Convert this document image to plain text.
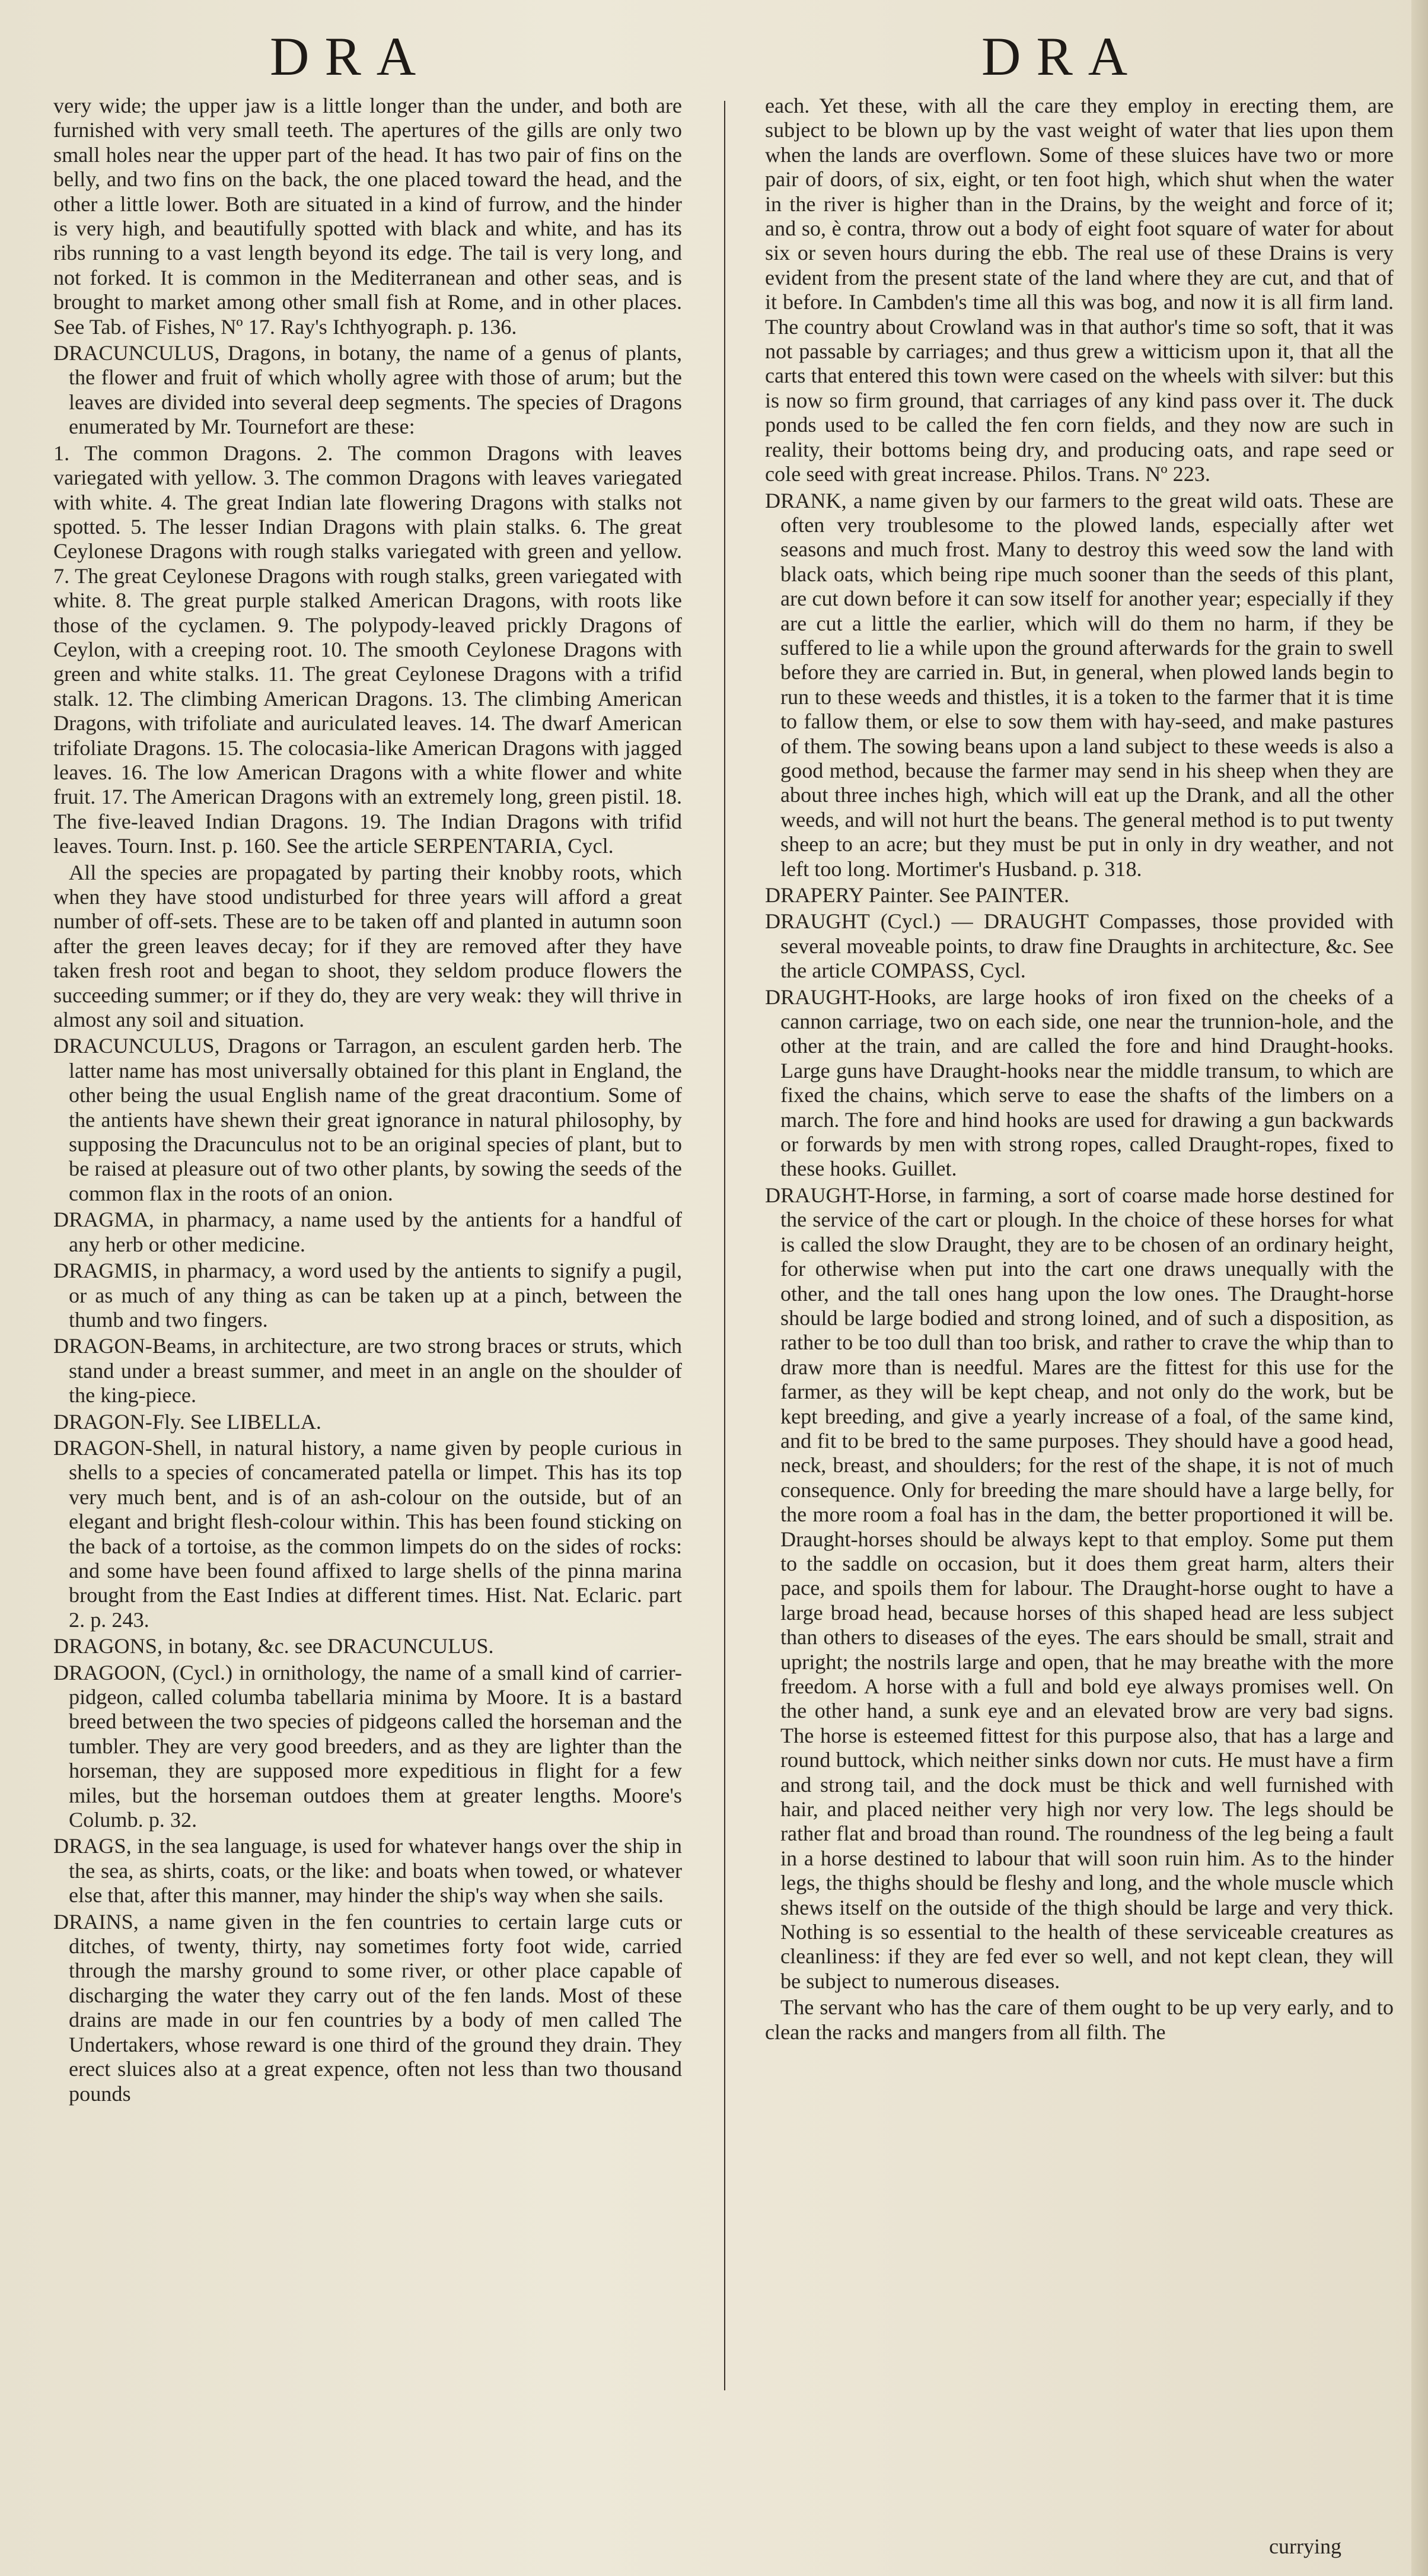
DRA	DRA

very wide; the upper jaw is a little longer than the under, and both are furnished with very small teeth. The apertures of the gills are only two small holes near the upper part of the head. It has two pair of fins on the belly, and two fins on the back, the one placed toward the head, and the other a little lower. Both are situated in a kind of furrow, and the hinder is very high, and beautifully spotted with black and white, and has its ribs running to a vast length beyond its edge. The tail is very long, and not forked. It is common in the Mediterranean and other seas, and is brought to market among other small fish at Rome, and in other places. See Tab. of Fishes, Nº 17. Ray's Ichthyograph. p. 136.

DRACUNCULUS, Dragons, in botany, the name of a genus of plants, the flower and fruit of which wholly agree with those of arum; but the leaves are divided into several deep segments. The species of Dragons enumerated by Mr. Tournefort are these:

1. The common Dragons. 2. The common Dragons with leaves variegated with yellow. 3. The common Dragons with leaves variegated with white. 4. The great Indian late flowering Dragons with stalks not spotted. 5. The lesser Indian Dragons with plain stalks. 6. The great Ceylonese Dragons with rough stalks variegated with green and yellow. 7. The great Ceylonese Dragons with rough stalks, green variegated with white. 8. The great purple stalked American Dragons, with roots like those of the cyclamen. 9. The polypody-leaved prickly Dragons of Ceylon, with a creeping root. 10. The smooth Ceylonese Dragons with green and white stalks. 11. The great Ceylonese Dragons with a trifid stalk. 12. The climbing American Dragons. 13. The climbing American Dragons, with trifoliate and auriculated leaves. 14. The dwarf American trifoliate Dragons. 15. The colocasia-like American Dragons with jagged leaves. 16. The low American Dragons with a white flower and white fruit. 17. The American Dragons with an extremely long, green pistil. 18. The five-leaved Indian Dragons. 19. The Indian Dragons with trifid leaves. Tourn. Inst. p. 160. See the article SERPENTARIA, Cycl.

All the species are propagated by parting their knobby roots, which when they have stood undisturbed for three years will afford a great number of off-sets. These are to be taken off and planted in autumn soon after the green leaves decay; for if they are removed after they have taken fresh root and began to shoot, they seldom produce flowers the succeeding summer; or if they do, they are very weak: they will thrive in almost any soil and situation.

DRACUNCULUS, Dragons or Tarragon, an esculent garden herb. The latter name has most universally obtained for this plant in England, the other being the usual English name of the great dracontium. Some of the antients have shewn their great ignorance in natural philosophy, by supposing the Dracunculus not to be an original species of plant, but to be raised at pleasure out of two other plants, by sowing the seeds of the common flax in the roots of an onion.

DRAGMA, in pharmacy, a name used by the antients for a handful of any herb or other medicine.

DRAGMIS, in pharmacy, a word used by the antients to signify a pugil, or as much of any thing as can be taken up at a pinch, between the thumb and two fingers.

DRAGON-Beams, in architecture, are two strong braces or struts, which stand under a breast summer, and meet in an angle on the shoulder of the king-piece.

DRAGON-Fly. See LIBELLA.

DRAGON-Shell, in natural history, a name given by people curious in shells to a species of concamerated patella or limpet. This has its top very much bent, and is of an ash-colour on the outside, but of an elegant and bright flesh-colour within. This has been found sticking on the back of a tortoise, as the common limpets do on the sides of rocks: and some have been found affixed to large shells of the pinna marina brought from the East Indies at different times. Hist. Nat. Eclaric. part 2. p. 243.

DRAGONS, in botany, &c. see DRACUNCULUS.

DRAGOON, (Cycl.) in ornithology, the name of a small kind of carrier-pidgeon, called columba tabellaria minima by Moore. It is a bastard breed between the two species of pidgeons called the horseman and the tumbler. They are very good breeders, and as they are lighter than the horseman, they are supposed more expeditious in flight for a few miles, but the horseman outdoes them at greater lengths. Moore's Columb. p. 32.

DRAGS, in the sea language, is used for whatever hangs over the ship in the sea, as shirts, coats, or the like: and boats when towed, or whatever else that, after this manner, may hinder the ship's way when she sails.

DRAINS, a name given in the fen countries to certain large cuts or ditches, of twenty, thirty, nay sometimes forty foot wide, carried through the marshy ground to some river, or other place capable of discharging the water they carry out of the fen lands. Most of these drains are made in our fen countries by a body of men called The Undertakers, whose reward is one third of the ground they drain. They erect sluices also at a great expence, often not less than two thousand pounds

each. Yet these, with all the care they employ in erecting them, are subject to be blown up by the vast weight of water that lies upon them when the lands are overflown. Some of these sluices have two or more pair of doors, of six, eight, or ten foot high, which shut when the water in the river is higher than in the Drains, by the weight and force of it; and so, è contra, throw out a body of eight foot square of water for about six or seven hours during the ebb. The real use of these Drains is very evident from the present state of the land where they are cut, and that of it before. In Cambden's time all this was bog, and now it is all firm land. The country about Crowland was in that author's time so soft, that it was not passable by carriages; and thus grew a witticism upon it, that all the carts that entered this town were cased on the wheels with silver: but this is now so firm ground, that carriages of any kind pass over it. The duck ponds used to be called the fen corn fields, and they now are such in reality, their bottoms being dry, and producing oats, and rape seed or cole seed with great increase. Philos. Trans. Nº 223.

DRANK, a name given by our farmers to the great wild oats. These are often very troublesome to the plowed lands, especially after wet seasons and much frost. Many to destroy this weed sow the land with black oats, which being ripe much sooner than the seeds of this plant, are cut down before it can sow itself for another year; especially if they are cut a little the earlier, which will do them no harm, if they be suffered to lie a while upon the ground afterwards for the grain to swell before they are carried in. But, in general, when plowed lands begin to run to these weeds and thistles, it is a token to the farmer that it is time to fallow them, or else to sow them with hay-seed, and make pastures of them. The sowing beans upon a land subject to these weeds is also a good method, because the farmer may send in his sheep when they are about three inches high, which will eat up the Drank, and all the other weeds, and will not hurt the beans. The general method is to put twenty sheep to an acre; but they must be put in only in dry weather, and not left too long. Mortimer's Husband. p. 318.

DRAPERY Painter. See PAINTER.

DRAUGHT (Cycl.) — DRAUGHT Compasses, those provided with several moveable points, to draw fine Draughts in architecture, &c. See the article COMPASS, Cycl.

DRAUGHT-Hooks, are large hooks of iron fixed on the cheeks of a cannon carriage, two on each side, one near the trunnion-hole, and the other at the train, and are called the fore and hind Draught-hooks. Large guns have Draught-hooks near the middle transum, to which are fixed the chains, which serve to ease the shafts of the limbers on a march. The fore and hind hooks are used for drawing a gun backwards or forwards by men with strong ropes, called Draught-ropes, fixed to these hooks. Guillet.

DRAUGHT-Horse, in farming, a sort of coarse made horse destined for the service of the cart or plough. In the choice of these horses for what is called the slow Draught, they are to be chosen of an ordinary height, for otherwise when put into the cart one draws unequally with the other, and the tall ones hang upon the low ones. The Draught-horse should be large bodied and strong loined, and of such a disposition, as rather to be too dull than too brisk, and rather to crave the whip than to draw more than is needful. Mares are the fittest for this use for the farmer, as they will be kept cheap, and not only do the work, but be kept breeding, and give a yearly increase of a foal, of the same kind, and fit to be bred to the same purposes. They should have a good head, neck, breast, and shoulders; for the rest of the shape, it is not of much consequence. Only for breeding the mare should have a large belly, for the more room a foal has in the dam, the better proportioned it will be. Draught-horses should be always kept to that employ. Some put them to the saddle on occasion, but it does them great harm, alters their pace, and spoils them for labour. The Draught-horse ought to have a large broad head, because horses of this shaped head are less subject than others to diseases of the eyes. The ears should be small, strait and upright; the nostrils large and open, that he may breathe with the more freedom. A horse with a full and bold eye always promises well. On the other hand, a sunk eye and an elevated brow are very bad signs. The horse is esteemed fittest for this purpose also, that has a large and round buttock, which neither sinks down nor cuts. He must have a firm and strong tail, and the dock must be thick and well furnished with hair, and placed neither very high nor very low. The legs should be rather flat and broad than round. The roundness of the leg being a fault in a horse destined to labour that will soon ruin him. As to the hinder legs, the thighs should be fleshy and long, and the whole muscle which shews itself on the outside of the thigh should be large and very thick. Nothing is so essential to the health of these serviceable creatures as cleanliness: if they are fed ever so well, and not kept clean, they will be subject to numerous diseases.

The servant who has the care of them ought to be up very early, and to clean the racks and mangers from all filth. The

currying
